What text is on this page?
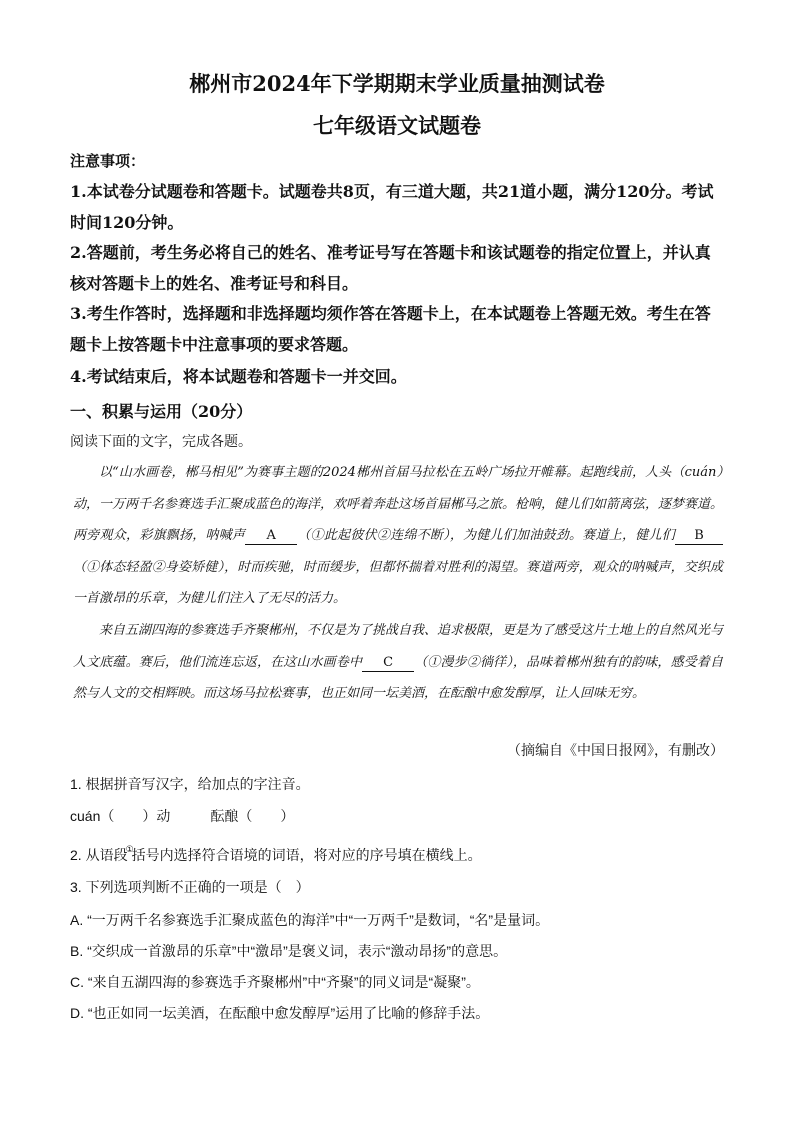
郴州市2024年下学期期末学业质量抽测试卷
七年级语文试题卷
注意事项：
1.本试卷分试题卷和答题卡。试题卷共8页，有三道大题，共21道小题，满分120分。考试时间120分钟。
2.答题前，考生务必将自己的姓名、准考证号写在答题卡和该试题卷的指定位置上，并认真核对答题卡上的姓名、准考证号和科目。
3.考生作答时，选择题和非选择题均须作答在答题卡上，在本试题卷上答题无效。考生在答题卡上按答题卡中注意事项的要求答题。
4.考试结束后，将本试题卷和答题卡一并交回。
一、积累与运用（20分）
阅读下面的文字，完成各题。
以“山水画卷，郴马相见”为赛事主题的2024郴州首届马拉松在五岭广场拉开帷幕。起跑线前，人头（cuán）动，一万两千名参赛选手汇聚成蓝色的海洋，欢呼着奔赴这场首届郴马之旅。枪响，健儿们如箭离弦，逐梦赛道。两旁观众，彩旗飘扬，呐喊声 A （①此起彼伏②连绵不断），为健儿们加油鼓劲。赛道上，健儿们 B（①体态轻盈②身姿矫健），时而疾驰，时而缓步，但都怀揣着对胜利的渴望。赛道两旁，观众的呐喊声，交织成一首激昂的乐章，为健儿们注入了无尽的活力。
来自五湖四海的参赛选手齐聚郴州，不仅是为了挑战自我、追求极限，更是为了感受这片土地上的自然风光与人文底蕴。赛后，他们流连忘返，在这山水画卷中 C （①漫步②徜徉），品味着郴州独有的韵味，感受着自然与人文的交相辉映。而这场马拉松赛事，也正如同一坛美酒，在酝酿中愈发醇厚，让人回味无穷。
（摘编自《中国日报网》，有删改）
1. 根据拼音写汉字，给加点的字注音。
cuán（　　）动	酝酿（　　）
2. 从语段①括号内选择符合语境的词语，将对应的序号填在横线上。
3. 下列选项判断不正确的一项是（　）
A. “一万两千名参赛选手汇聚成蓝色的海洋”中“一万两千”是数词，“名”是量词。
B. “交织成一首激昂的乐章”中“激昂”是褒义词，表示“激动昂扬”的意思。
C. “来自五湖四海的参赛选手齐聚郴州”中“齐聚”的同义词是“凝聚”。
D. “也正如同一坛美酒，在酝酿中愈发醇厚”运用了比喻的修辞手法。
